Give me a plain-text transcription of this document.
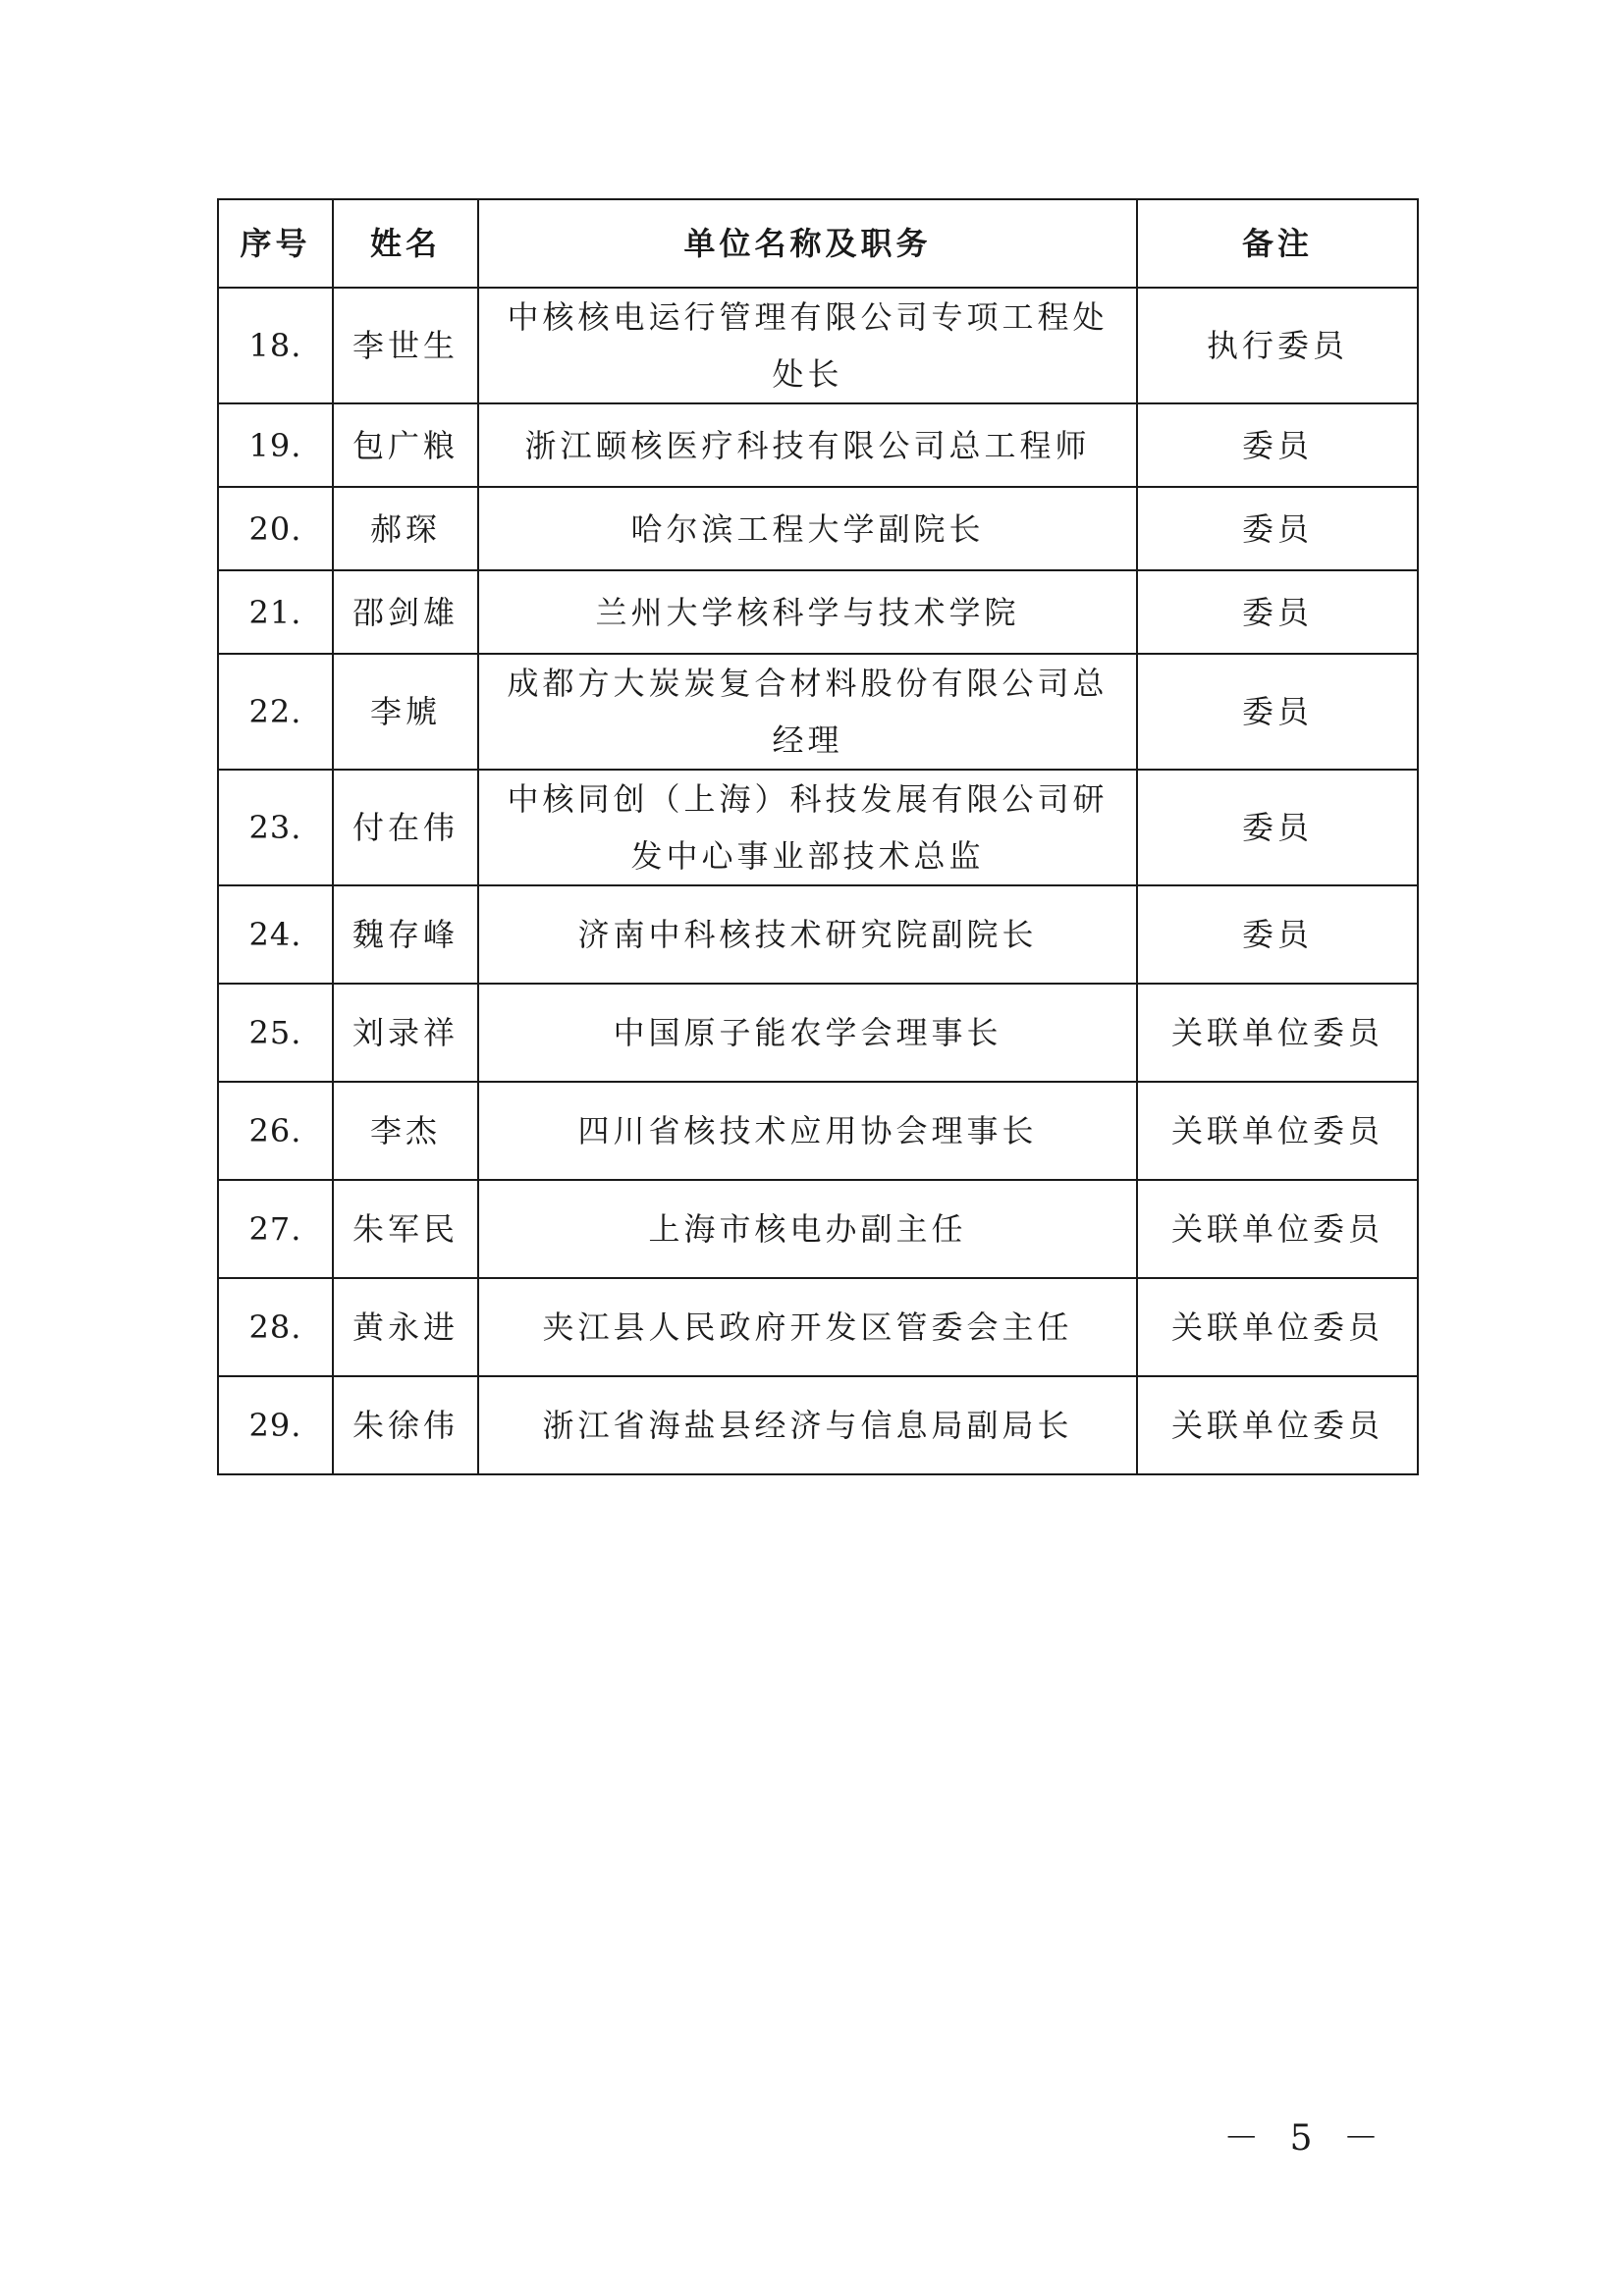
序号	姓名	单位名称及职务	备注
18.	李世生	中核核电运行管理有限公司专项工程处处长	执行委员
19.	包广粮	浙江颐核医疗科技有限公司总工程师	委员
20.	郝琛	哈尔滨工程大学副院长	委员
21.	邵剑雄	兰州大学核科学与技术学院	委员
22.	李虓	成都方大炭炭复合材料股份有限公司总经理	委员
23.	付在伟	中核同创（上海）科技发展有限公司研发中心事业部技术总监	委员
24.	魏存峰	济南中科核技术研究院副院长	委员
25.	刘录祥	中国原子能农学会理事长	关联单位委员
26.	李杰	四川省核技术应用协会理事长	关联单位委员
27.	朱军民	上海市核电办副主任	关联单位委员
28.	黄永进	夹江县人民政府开发区管委会主任	关联单位委员
29.	朱徐伟	浙江省海盐县经济与信息局副局长	关联单位委员
－ 5 －
